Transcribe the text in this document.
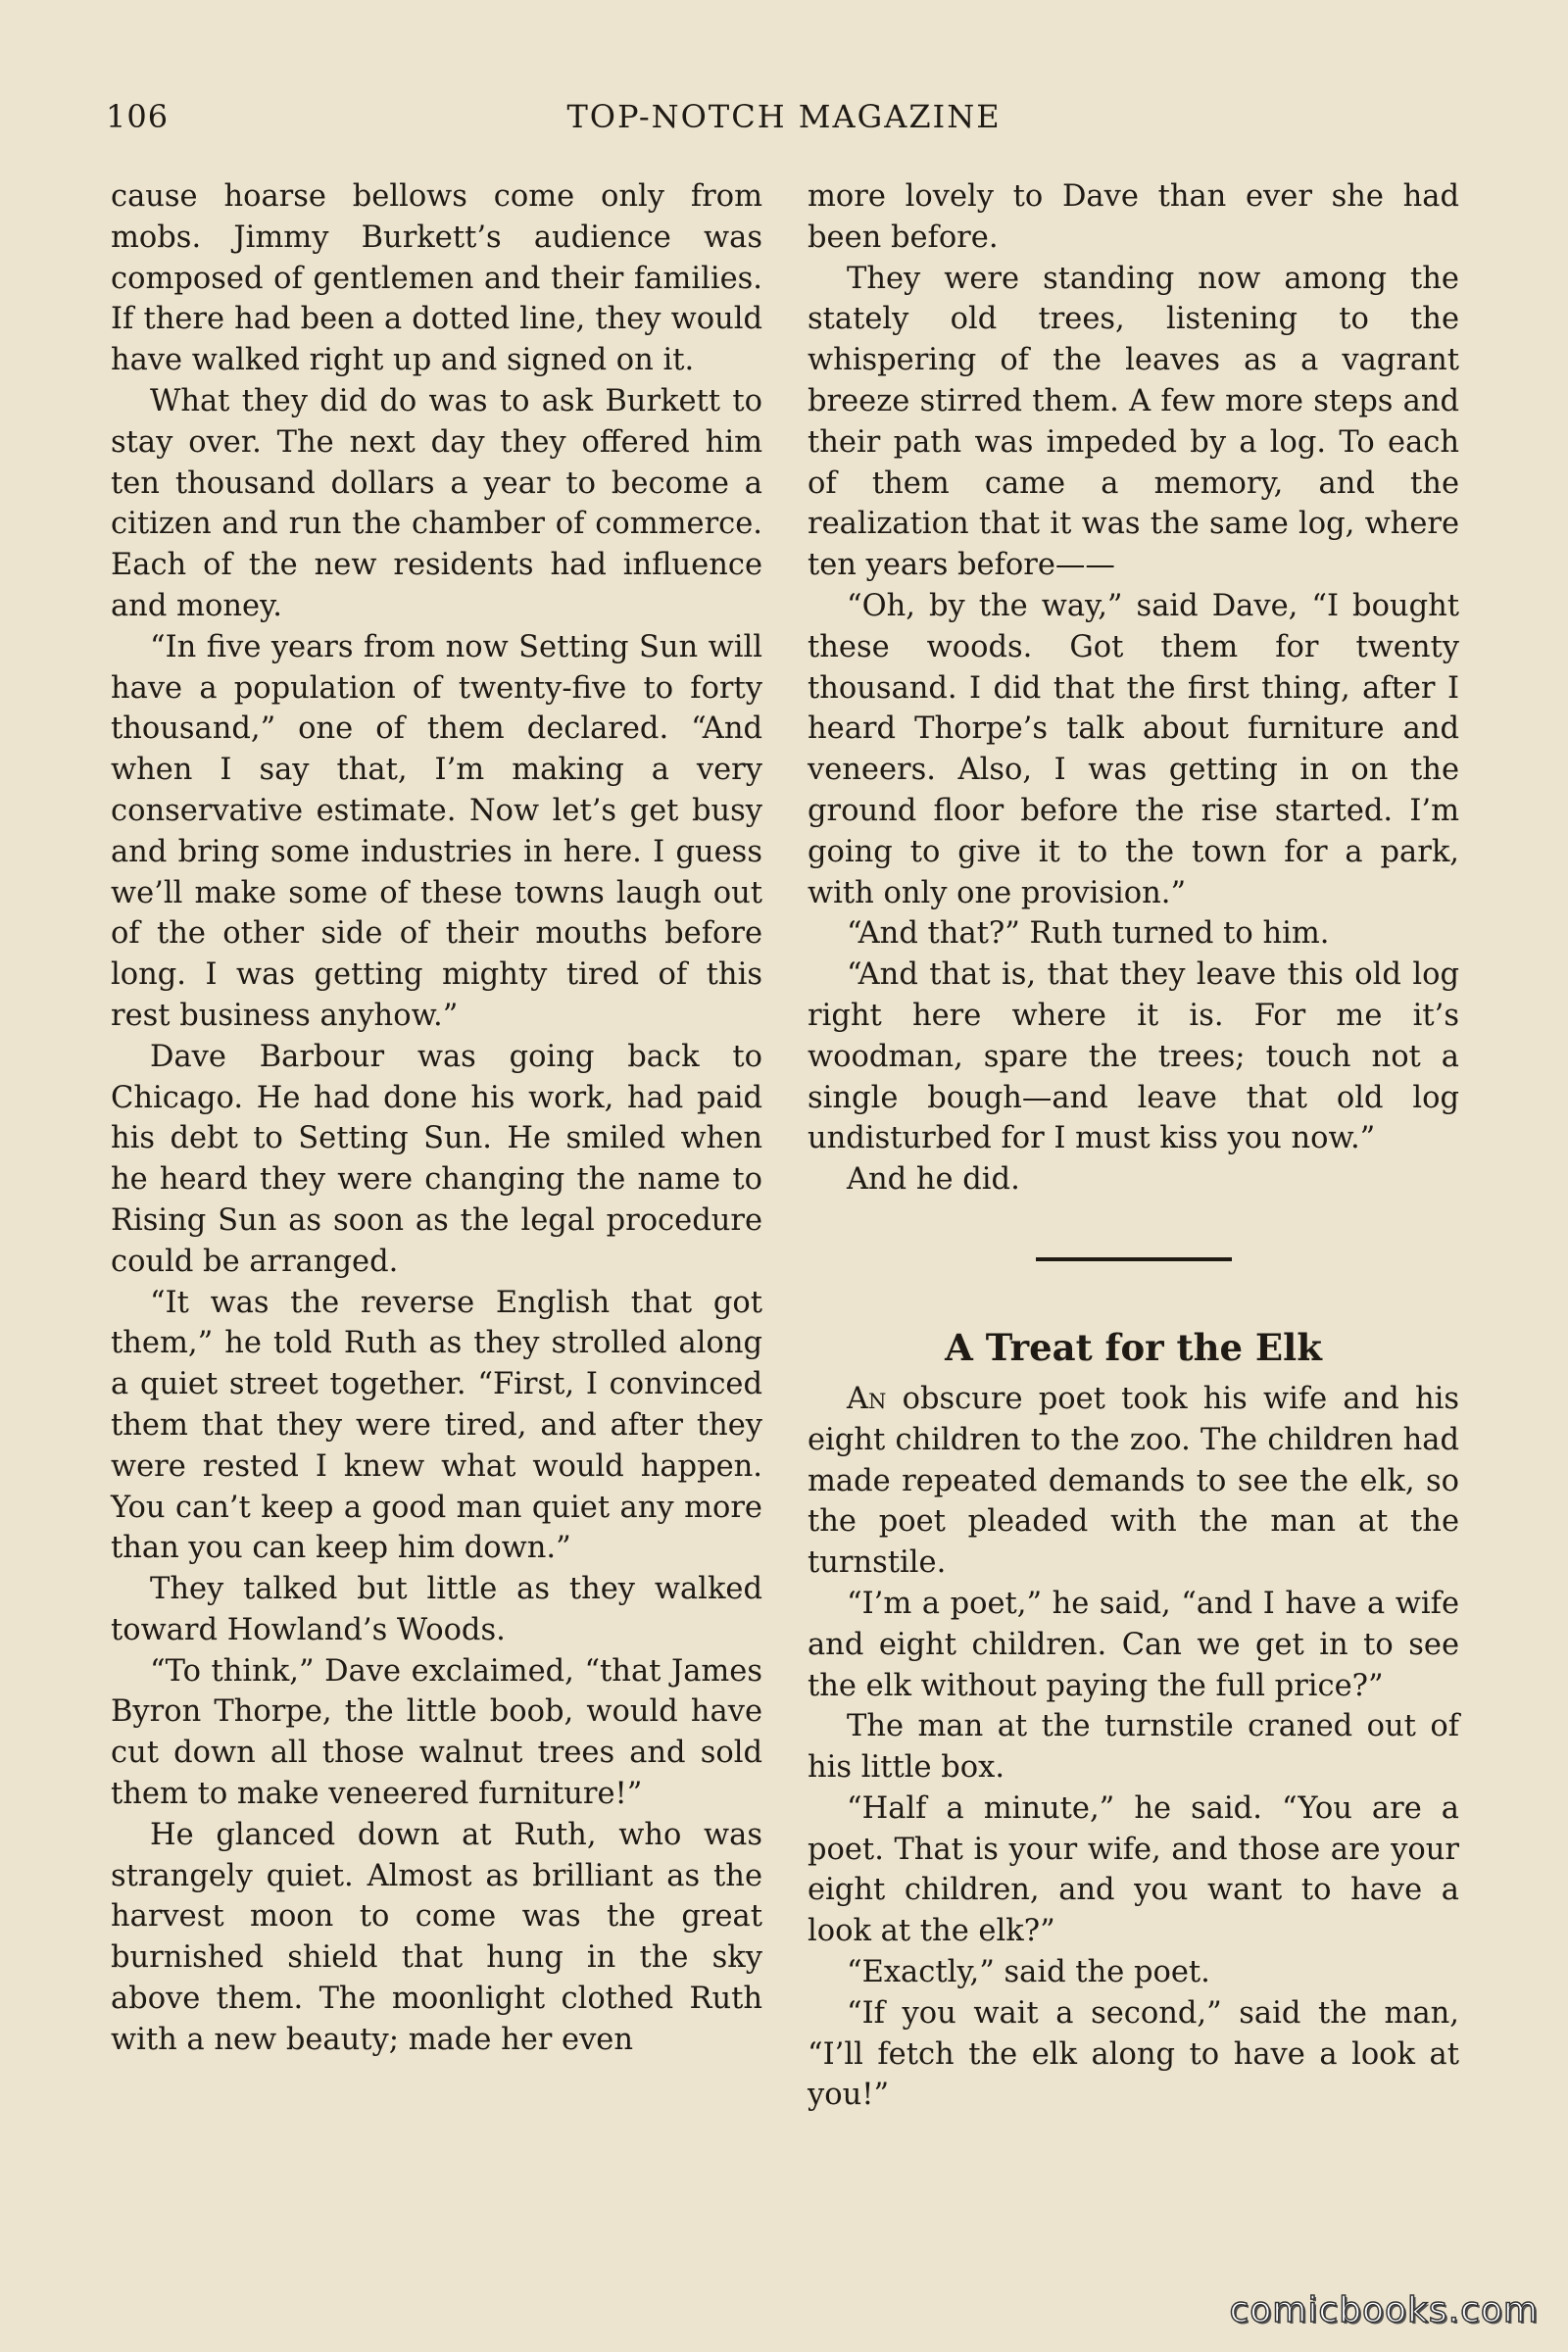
106	TOP-NOTCH MAGAZINE

cause hoarse bellows come only from mobs. Jimmy Burkett’s audience was composed of gentlemen and their families. If there had been a dotted line, they would have walked right up and signed on it.

What they did do was to ask Burkett to stay over. The next day they offered him ten thousand dollars a year to become a citizen and run the chamber of commerce. Each of the new residents had influence and money.

“In five years from now Setting Sun will have a population of twenty-five to forty thousand,” one of them declared. “And when I say that, I’m making a very conservative estimate. Now let’s get busy and bring some industries in here. I guess we’ll make some of these towns laugh out of the other side of their mouths before long. I was getting mighty tired of this rest business anyhow.”

Dave Barbour was going back to Chicago. He had done his work, had paid his debt to Setting Sun. He smiled when he heard they were changing the name to Rising Sun as soon as the legal procedure could be arranged.

“It was the reverse English that got them,” he told Ruth as they strolled along a quiet street together. “First, I convinced them that they were tired, and after they were rested I knew what would happen. You can’t keep a good man quiet any more than you can keep him down.”

They talked but little as they walked toward Howland’s Woods.

“To think,” Dave exclaimed, “that James Byron Thorpe, the little boob, would have cut down all those walnut trees and sold them to make veneered furniture!”

He glanced down at Ruth, who was strangely quiet. Almost as brilliant as the harvest moon to come was the great burnished shield that hung in the sky above them. The moonlight clothed Ruth with a new beauty; made her even

more lovely to Dave than ever she had been before.

They were standing now among the stately old trees, listening to the whispering of the leaves as a vagrant breeze stirred them. A few more steps and their path was impeded by a log. To each of them came a memory, and the realization that it was the same log, where ten years before——

“Oh, by the way,” said Dave, “I bought these woods. Got them for twenty thousand. I did that the first thing, after I heard Thorpe’s talk about furniture and veneers. Also, I was getting in on the ground floor before the rise started. I’m going to give it to the town for a park, with only one provision.”

“And that?” Ruth turned to him.

“And that is, that they leave this old log right here where it is. For me it’s woodman, spare the trees; touch not a single bough—and leave that old log undisturbed for I must kiss you now.”

And he did.

A Treat for the Elk

An obscure poet took his wife and his eight children to the zoo. The children had made repeated demands to see the elk, so the poet pleaded with the man at the turnstile.

“I’m a poet,” he said, “and I have a wife and eight children. Can we get in to see the elk without paying the full price?”

The man at the turnstile craned out of his little box.

“Half a minute,” he said. “You are a poet. That is your wife, and those are your eight children, and you want to have a look at the elk?”

“Exactly,” said the poet.

“If you wait a second,” said the man, “I’ll fetch the elk along to have a look at you!”

comicbooks.com
